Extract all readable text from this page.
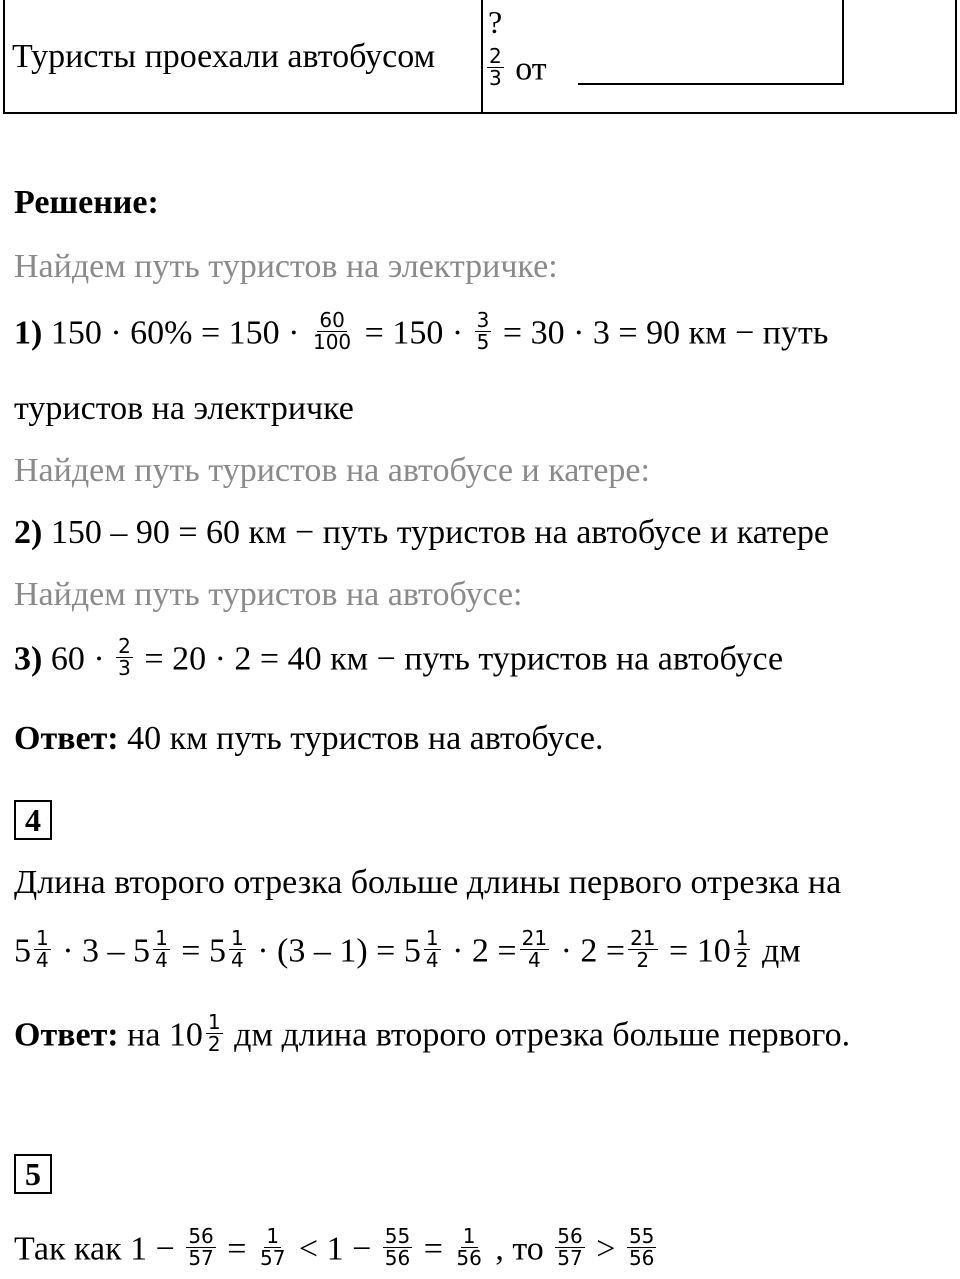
Туристы проехали автобусом
?
$\frac{2}{3}$ от
Решение:
Найдем путь туристов на электричке:
1) $150 \cdot 60\% = 150 \cdot \frac{60}{100} = 150 \cdot \frac{3}{5} = 30 \cdot 3 = 90$ км − путь
туристов на электричке
Найдем путь туристов на автобусе и катере:
2) 150 – 90 = 60 км − путь туристов на автобусе и катере
Найдем путь туристов на автобусе:
3) $60 \cdot \frac{2}{3} = 20 \cdot 2 = 40$ км − путь туристов на автобусе
Ответ: 40 км путь туристов на автобусе.
4
Длина второго отрезка больше длины первого отрезка на
$5 \frac{1}{4} \cdot 3 - 5 \frac{1}{4} = 5 \frac{1}{4} \cdot (3 - 1) = 5 \frac{1}{4} \cdot 2 = \frac{21}{4} \cdot 2 = \frac{21}{2} = 10 \frac{1}{2}$ дм
Ответ: на $10 \frac{1}{2}$ дм длина второго отрезка больше первого.
5
Так как $1 - \frac{56}{57} = \frac{1}{57} < 1 - \frac{55}{56} = \frac{1}{56}$ , то $\frac{56}{57} > \frac{55}{56}$
